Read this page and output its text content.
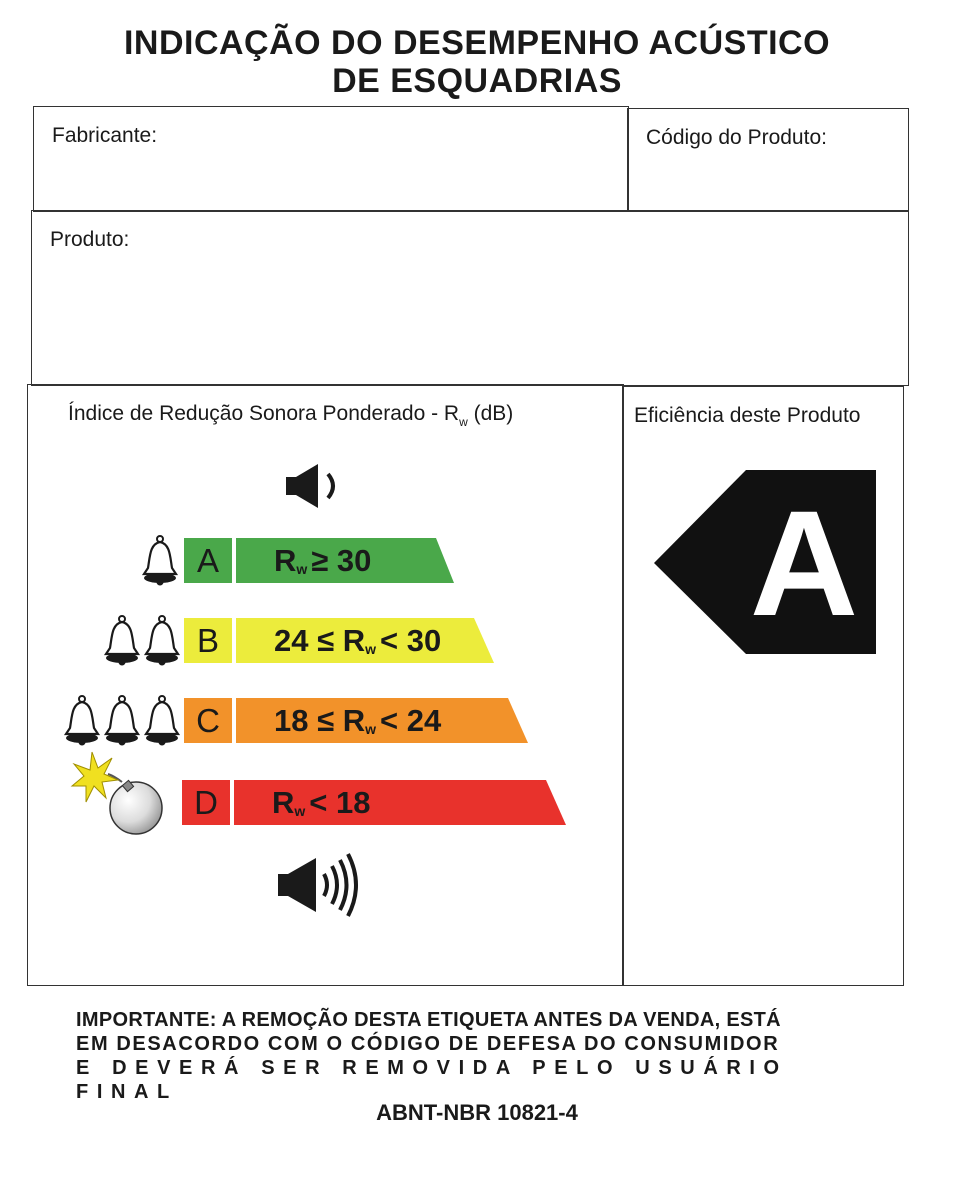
INDICAÇÃO DO DESEMPENHO ACÚSTICO
DE ESQUADRIAS
Fabricante:	Código do Produto:
Produto:
Índice de Redução Sonora Ponderado - $R_w$ (dB)	Eficiência deste Produto
A	R w ≥ 30
B	24 ≤ R w < 30
C	18 ≤ R w < 24
D	R w < 18
A
IMPORTANTE: A REMOÇÃO DESTA ETIQUETA ANTES DA VENDA, ESTÁ
EM DESACORDO COM O CÓDIGO DE DEFESA DO CONSUMIDOR
E DEVERÁ SER REMOVIDA PELO USUÁRIO FINAL
ABNT-NBR 10821-4
